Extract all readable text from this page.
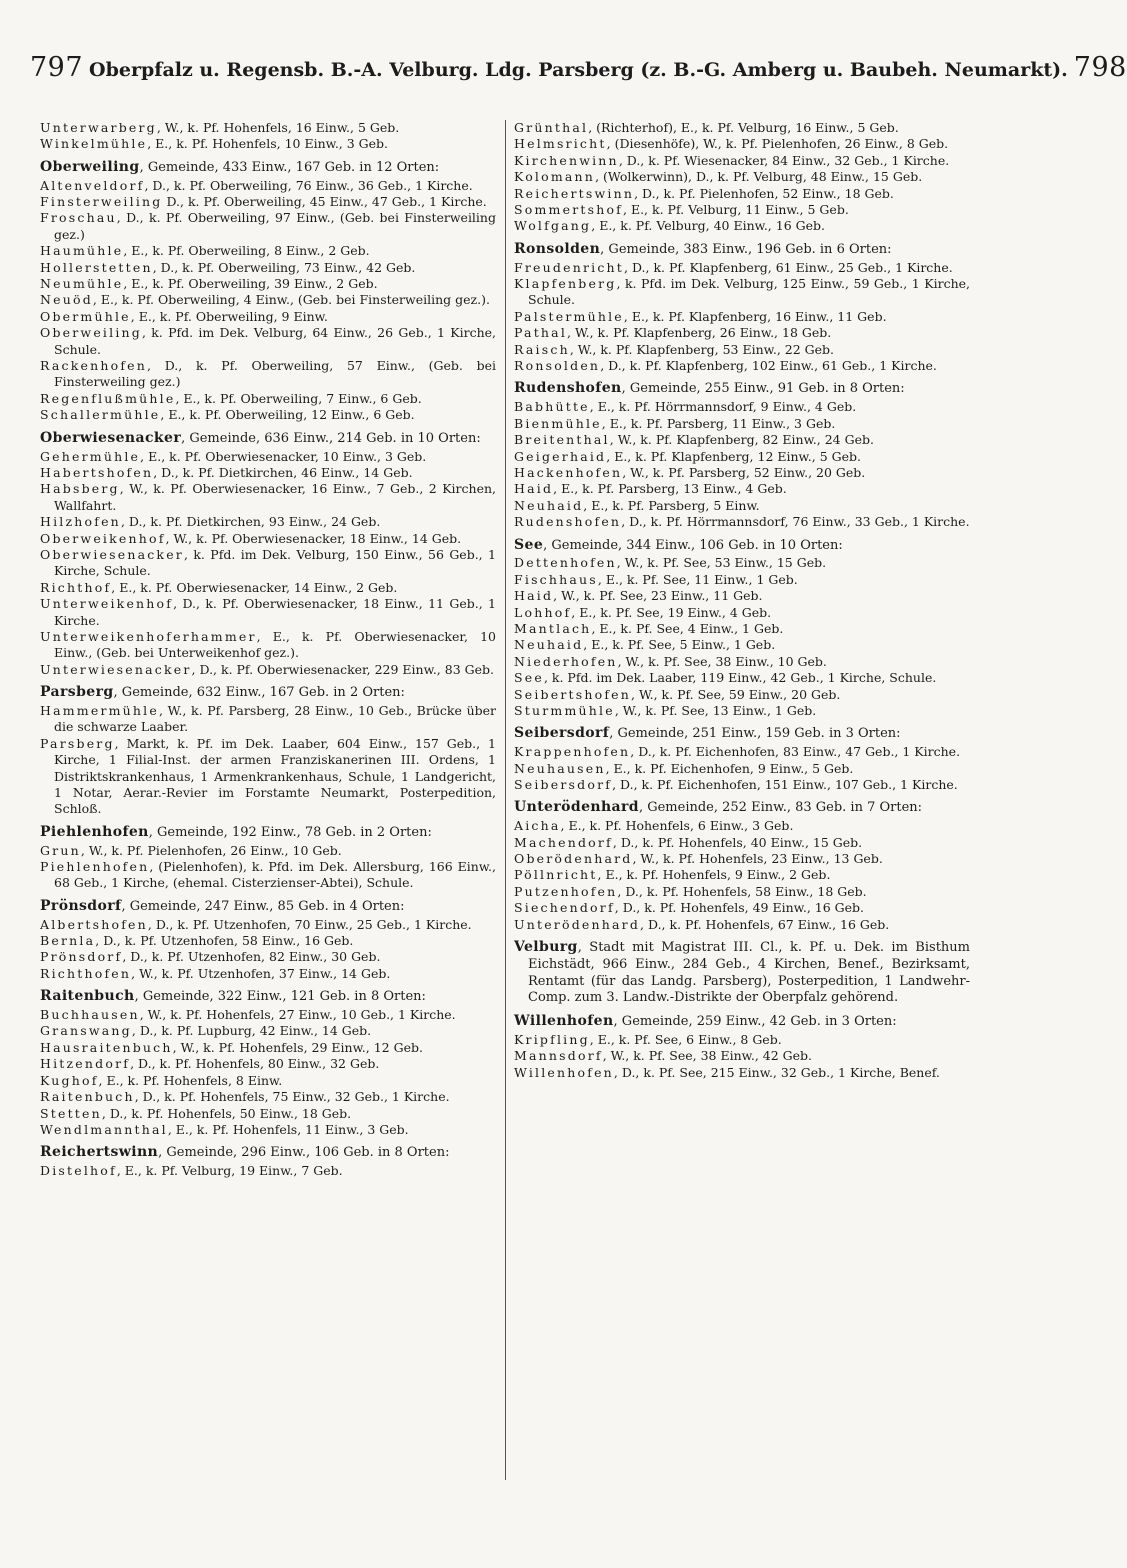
797 Oberpfalz u. Regensb. B.-A. Velburg. Ldg. Parsberg (z. B.-G. Amberg u. Baubeh. Neumarkt). 798
Unterwarberg, W., k. Pf. Hohenfels, 16 Einw., 5 Geb.
Winkelmühle, E., k. Pf. Hohenfels, 10 Einw., 3 Geb.
Oberweiling, Gemeinde, 433 Einw., 167 Geb. in 12 Orten:
Altenveldorf, D., k. Pf. Oberweiling, 76 Einw., 36 Geb., 1 Kirche.
Finsterweiling D., k. Pf. Oberweiling, 45 Einw., 47 Geb., 1 Kirche.
Froschau, D., k. Pf. Oberweiling, 97 Einw., (Geb. bei Finsterweiling gez.)
Haumühle, E., k. Pf. Oberweiling, 8 Einw., 2 Geb.
Hollerstetten, D., k. Pf. Oberweiling, 73 Einw., 42 Geb.
Neumühle, E., k. Pf. Oberweiling, 39 Einw., 2 Geb.
Neuöd, E., k. Pf. Oberweiling, 4 Einw., (Geb. bei Finsterweiling gez.).
Obermühle, E., k. Pf. Oberweiling, 9 Einw.
Oberweiling, k. Pfd. im Dek. Velburg, 64 Einw., 26 Geb., 1 Kirche, Schule.
Rackenhofen, D., k. Pf. Oberweiling, 57 Einw., (Geb. bei Finsterweiling gez.)
Regenflußmühle, E., k. Pf. Oberweiling, 7 Einw., 6 Geb.
Schallermühle, E., k. Pf. Oberweiling, 12 Einw., 6 Geb.
Oberwiesenacker, Gemeinde, 636 Einw., 214 Geb. in 10 Orten:
Gehermühle, E., k. Pf. Oberwiesenacker, 10 Einw., 3 Geb.
Habertshofen, D., k. Pf. Dietkirchen, 46 Einw., 14 Geb.
Habsberg, W., k. Pf. Oberwiesenacker, 16 Einw., 7 Geb., 2 Kirchen, Wallfahrt.
Hilzhofen, D., k. Pf. Dietkirchen, 93 Einw., 24 Geb.
Oberweikenhof, W., k. Pf. Oberwiesenacker, 18 Einw., 14 Geb.
Oberwiesenacker, k. Pfd. im Dek. Velburg, 150 Einw., 56 Geb., 1 Kirche, Schule.
Richthof, E., k. Pf. Oberwiesenacker, 14 Einw., 2 Geb.
Unterweikenhof, D., k. Pf. Oberwiesenacker, 18 Einw., 11 Geb., 1 Kirche.
Unterweikenhoferhammer, E., k. Pf. Oberwiesenacker, 10 Einw., (Geb. bei Unterweikenhof gez.).
Unterwiesenacker, D., k. Pf. Oberwiesenacker, 229 Einw., 83 Geb.
Parsberg, Gemeinde, 632 Einw., 167 Geb. in 2 Orten:
Hammermühle, W., k. Pf. Parsberg, 28 Einw., 10 Geb., Brücke über die schwarze Laaber.
Parsberg, Markt, k. Pf. im Dek. Laaber, 604 Einw., 157 Geb., 1 Kirche, 1 Filial-Inst. der armen Franziskanerinen III. Ordens, 1 Distriktskrankenhaus, 1 Armenkrankenhaus, Schule, 1 Landgericht, 1 Notar, Aerar.-Revier im Forstamte Neumarkt, Posterpedition, Schloß.
Piehlenhofen, Gemeinde, 192 Einw., 78 Geb. in 2 Orten:
Grun, W., k. Pf. Pielenhofen, 26 Einw., 10 Geb.
Piehlenhofen, (Pielenhofen), k. Pfd. im Dek. Allersburg, 166 Einw., 68 Geb., 1 Kirche, (ehemal. Cisterzienser-Abtei), Schule.
Prönsdorf, Gemeinde, 247 Einw., 85 Geb. in 4 Orten:
Albertshofen, D., k. Pf. Utzenhofen, 70 Einw., 25 Geb., 1 Kirche.
Bernla, D., k. Pf. Utzenhofen, 58 Einw., 16 Geb.
Prönsdorf, D., k. Pf. Utzenhofen, 82 Einw., 30 Geb.
Richthofen, W., k. Pf. Utzenhofen, 37 Einw., 14 Geb.
Raitenbuch, Gemeinde, 322 Einw., 121 Geb. in 8 Orten:
Buchhausen, W., k. Pf. Hohenfels, 27 Einw., 10 Geb., 1 Kirche.
Granswang, D., k. Pf. Lupburg, 42 Einw., 14 Geb.
Hausraitenbuch, W., k. Pf. Hohenfels, 29 Einw., 12 Geb.
Hitzendorf, D., k. Pf. Hohenfels, 80 Einw., 32 Geb.
Kughof, E., k. Pf. Hohenfels, 8 Einw.
Raitenbuch, D., k. Pf. Hohenfels, 75 Einw., 32 Geb., 1 Kirche.
Stetten, D., k. Pf. Hohenfels, 50 Einw., 18 Geb.
Wendlmannthal, E., k. Pf. Hohenfels, 11 Einw., 3 Geb.
Reichertswinn, Gemeinde, 296 Einw., 106 Geb. in 8 Orten:
Distelhof, E., k. Pf. Velburg, 19 Einw., 7 Geb.
Grünthal, (Richterhof), E., k. Pf. Velburg, 16 Einw., 5 Geb.
Helmsricht, (Diesenhöfe), W., k. Pf. Pielenhofen, 26 Einw., 8 Geb.
Kirchenwinn, D., k. Pf. Wiesenacker, 84 Einw., 32 Geb., 1 Kirche.
Kolomann, (Wolkerwinn), D., k. Pf. Velburg, 48 Einw., 15 Geb.
Reichertswinn, D., k. Pf. Pielenhofen, 52 Einw., 18 Geb.
Sommertshof, E., k. Pf. Velburg, 11 Einw., 5 Geb.
Wolfgang, E., k. Pf. Velburg, 40 Einw., 16 Geb.
Ronsolden, Gemeinde, 383 Einw., 196 Geb. in 6 Orten:
Freudenricht, D., k. Pf. Klapfenberg, 61 Einw., 25 Geb., 1 Kirche.
Klapfenberg, k. Pfd. im Dek. Velburg, 125 Einw., 59 Geb., 1 Kirche, Schule.
Palstermühle, E., k. Pf. Klapfenberg, 16 Einw., 11 Geb.
Pathal, W., k. Pf. Klapfenberg, 26 Einw., 18 Geb.
Raisch, W., k. Pf. Klapfenberg, 53 Einw., 22 Geb.
Ronsolden, D., k. Pf. Klapfenberg, 102 Einw., 61 Geb., 1 Kirche.
Rudenshofen, Gemeinde, 255 Einw., 91 Geb. in 8 Orten:
Babhütte, E., k. Pf. Hörrmannsdorf, 9 Einw., 4 Geb.
Bienmühle, E., k. Pf. Parsberg, 11 Einw., 3 Geb.
Breitenthal, W., k. Pf. Klapfenberg, 82 Einw., 24 Geb.
Geigerhaid, E., k. Pf. Klapfenberg, 12 Einw., 5 Geb.
Hackenhofen, W., k. Pf. Parsberg, 52 Einw., 20 Geb.
Haid, E., k. Pf. Parsberg, 13 Einw., 4 Geb.
Neuhaid, E., k. Pf. Parsberg, 5 Einw.
Rudenshofen, D., k. Pf. Hörrmannsdorf, 76 Einw., 33 Geb., 1 Kirche.
See, Gemeinde, 344 Einw., 106 Geb. in 10 Orten:
Dettenhofen, W., k. Pf. See, 53 Einw., 15 Geb.
Fischhaus, E., k. Pf. See, 11 Einw., 1 Geb.
Haid, W., k. Pf. See, 23 Einw., 11 Geb.
Lohhof, E., k. Pf. See, 19 Einw., 4 Geb.
Mantlach, E., k. Pf. See, 4 Einw., 1 Geb.
Neuhaid, E., k. Pf. See, 5 Einw., 1 Geb.
Niederhofen, W., k. Pf. See, 38 Einw., 10 Geb.
See, k. Pfd. im Dek. Laaber, 119 Einw., 42 Geb., 1 Kirche, Schule.
Seibertshofen, W., k. Pf. See, 59 Einw., 20 Geb.
Sturmmühle, W., k. Pf. See, 13 Einw., 1 Geb.
Seibersdorf, Gemeinde, 251 Einw., 159 Geb. in 3 Orten:
Krappenhofen, D., k. Pf. Eichenhofen, 83 Einw., 47 Geb., 1 Kirche.
Neuhausen, E., k. Pf. Eichenhofen, 9 Einw., 5 Geb.
Seibersdorf, D., k. Pf. Eichenhofen, 151 Einw., 107 Geb., 1 Kirche.
Unterödenhard, Gemeinde, 252 Einw., 83 Geb. in 7 Orten:
Aicha, E., k. Pf. Hohenfels, 6 Einw., 3 Geb.
Machendorf, D., k. Pf. Hohenfels, 40 Einw., 15 Geb.
Oberödenhard, W., k. Pf. Hohenfels, 23 Einw., 13 Geb.
Pöllnricht, E., k. Pf. Hohenfels, 9 Einw., 2 Geb.
Putzenhofen, D., k. Pf. Hohenfels, 58 Einw., 18 Geb.
Siechendorf, D., k. Pf. Hohenfels, 49 Einw., 16 Geb.
Unterödenhard, D., k. Pf. Hohenfels, 67 Einw., 16 Geb.
Velburg, Stadt mit Magistrat III. Cl., k. Pf. u. Dek. im Bisthum Eichstädt, 966 Einw., 284 Geb., 4 Kirchen, Benef., Bezirksamt, Rentamt (für das Landg. Parsberg), Posterpedition, 1 Landwehr-Comp. zum 3. Landw.-Distrikte der Oberpfalz gehörend.
Willenhofen, Gemeinde, 259 Einw., 42 Geb. in 3 Orten:
Kripfling, E., k. Pf. See, 6 Einw., 8 Geb.
Mannsdorf, W., k. Pf. See, 38 Einw., 42 Geb.
Willenhofen, D., k. Pf. See, 215 Einw., 32 Geb., 1 Kirche, Benef.
